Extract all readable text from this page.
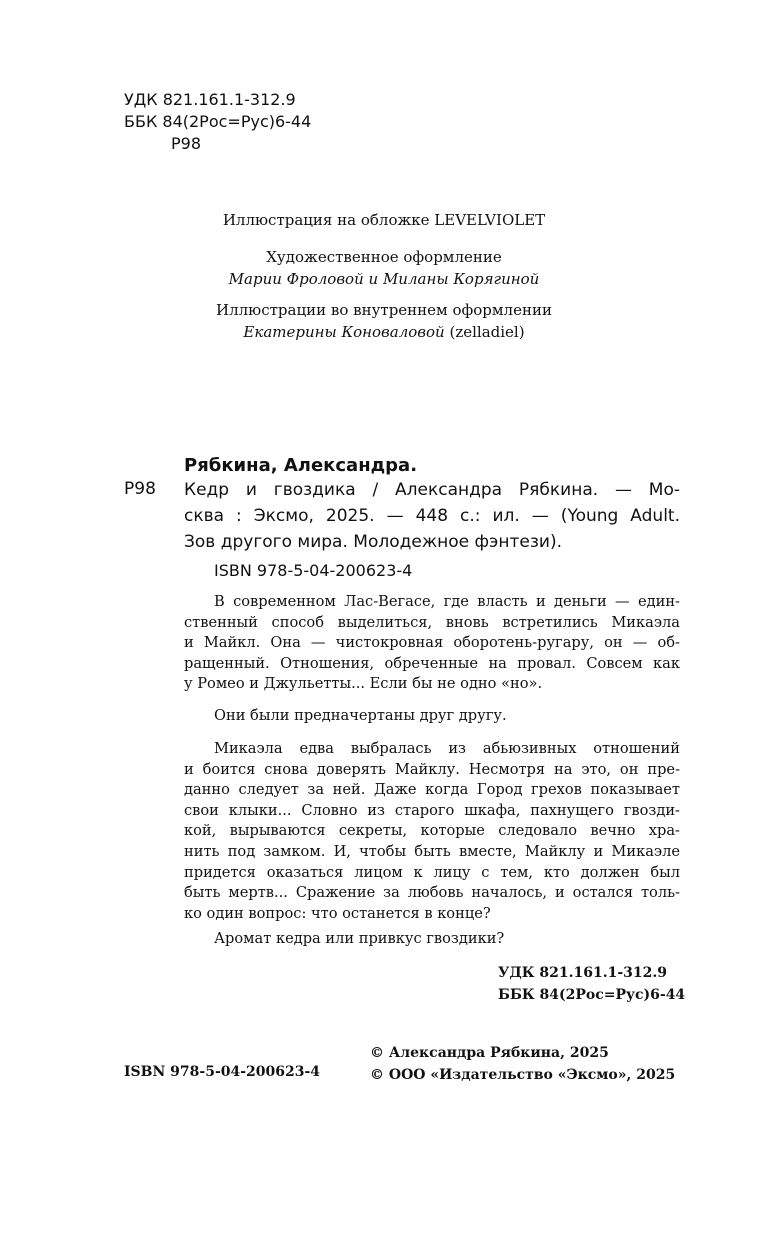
УДК 821.161.1-312.9
ББК 84(2Рос=Рус)6-44
Р98
Иллюстрация на обложке LEVELVIOLET
Художественное оформление
Марии Фроловой и Миланы Корягиной
Иллюстрации во внутреннем оформлении
Екатерины Коноваловой (zelladiel)
Рябкина, Александра.
Р98 Кедр и гвоздика / Александра Рябкина. — Мо-
сква : Эксмо, 2025. — 448 с.: ил. — (Young Adult.
Зов другого мира. Молодежное фэнтези).
ISBN 978-5-04-200623-4
В современном Лас-Вегасе, где власть и деньги — един-
ственный способ выделиться, вновь встретились Микаэла
и Майкл. Она — чистокровная оборотень-ругару, он — об-
ращенный. Отношения, обреченные на провал. Совсем как
у Ромео и Джульетты... Если бы не одно «но».
Они были предначертаны друг другу.
Микаэла едва выбралась из абьюзивных отношений
и боится снова доверять Майклу. Несмотря на это, он пре-
данно следует за ней. Даже когда Город грехов показывает
свои клыки... Словно из старого шкафа, пахнущего гвозди-
кой, вырываются секреты, которые следовало вечно хра-
нить под замком. И, чтобы быть вместе, Майклу и Микаэле
придется оказаться лицом к лицу с тем, кто должен был
быть мертв... Сражение за любовь началось, и остался толь-
ко один вопрос: что останется в конце?
Аромат кедра или привкус гвоздики?
УДК 821.161.1-312.9
ББК 84(2Рос=Рус)6-44
© Александра Рябкина, 2025
© ООО «Издательство «Эксмо», 2025
ISBN 978-5-04-200623-4
